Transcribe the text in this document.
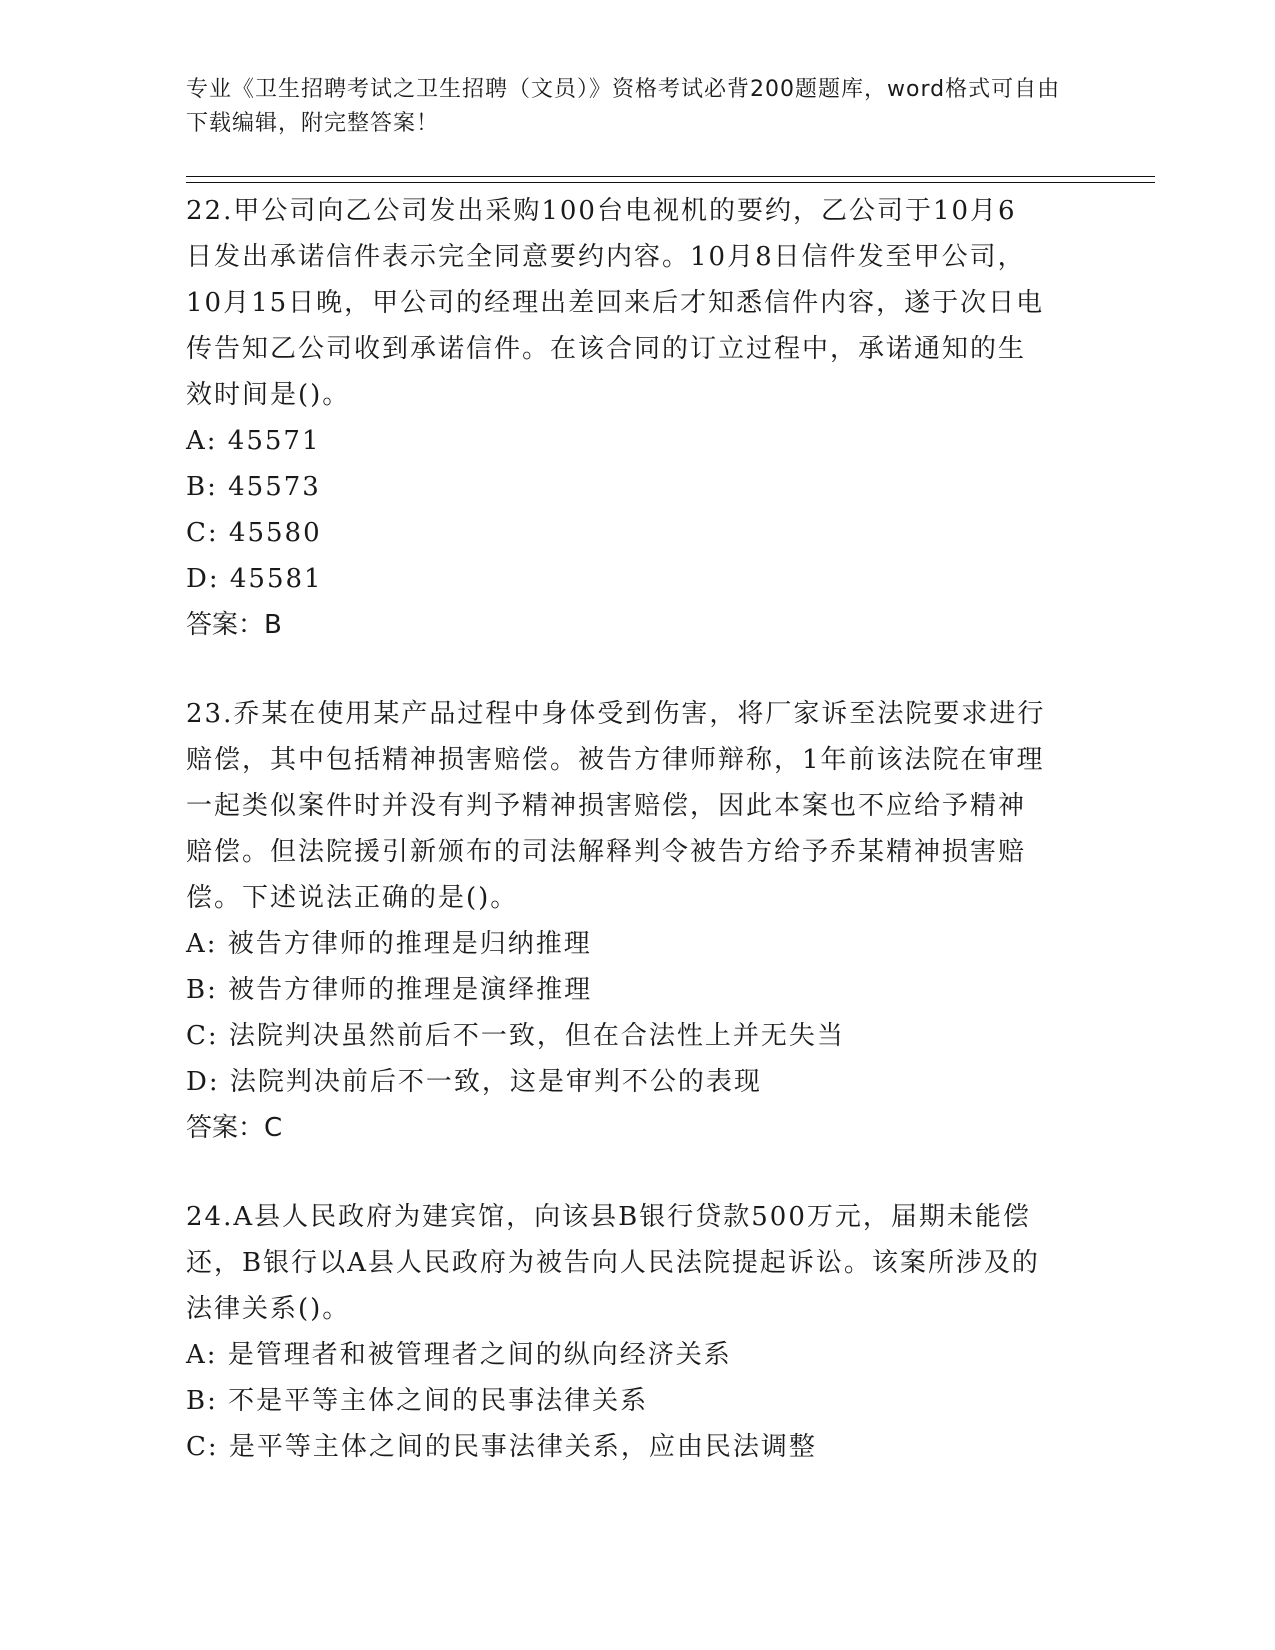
专业《卫生招聘考试之卫生招聘（文员）》资格考试必背200题题库，word格式可自由下载编辑，附完整答案！

22.甲公司向乙公司发出采购100台电视机的要约，乙公司于10月6
日发出承诺信件表示完全同意要约内容。10月8日信件发至甲公司，
10月15日晚，甲公司的经理出差回来后才知悉信件内容，遂于次日电
传告知乙公司收到承诺信件。在该合同的订立过程中，承诺通知的生
效时间是()。

A: 45571

B: 45573

C: 45580

D: 45581

答案：B

23.乔某在使用某产品过程中身体受到伤害，将厂家诉至法院要求进行
赔偿，其中包括精神损害赔偿。被告方律师辩称，1年前该法院在审理
一起类似案件时并没有判予精神损害赔偿，因此本案也不应给予精神
赔偿。但法院援引新颁布的司法解释判令被告方给予乔某精神损害赔
偿。下述说法正确的是()。

A: 被告方律师的推理是归纳推理

B: 被告方律师的推理是演绎推理

C: 法院判决虽然前后不一致，但在合法性上并无失当

D: 法院判决前后不一致，这是审判不公的表现

答案：C

24.A县人民政府为建宾馆，向该县B银行贷款500万元，届期未能偿
还，B银行以A县人民政府为被告向人民法院提起诉讼。该案所涉及的
法律关系()。

A: 是管理者和被管理者之间的纵向经济关系

B: 不是平等主体之间的民事法律关系

C: 是平等主体之间的民事法律关系，应由民法调整
